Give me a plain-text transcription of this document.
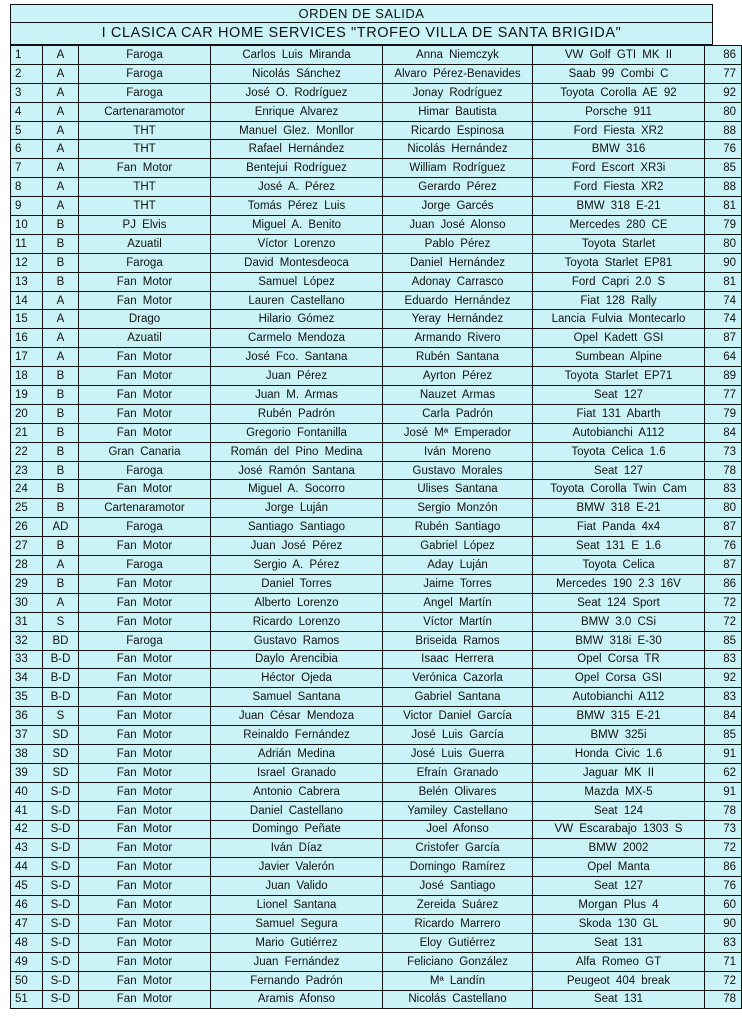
ORDEN DE SALIDA
I CLASICA CAR HOME SERVICES "TROFEO VILLA DE SANTA BRIGIDA"
1	A	Faroga	Carlos Luis Miranda	Anna Niemczyk	VW Golf GTI MK II	86
2	A	Faroga	Nicolás Sánchez	Alvaro Pérez-Benavides	Saab 99 Combi C	77
3	A	Faroga	José O. Rodríguez	Jonay Rodríguez	Toyota Corolla AE 92	92
4	A	Cartenaramotor	Enrique Alvarez	Himar Bautista	Porsche 911	80
5	A	THT	Manuel Glez. Monllor	Ricardo Espinosa	Ford Fiesta XR2	88
6	A	THT	Rafael Hernández	Nicolás Hernández	BMW 316	76
7	A	Fan Motor	Bentejui Rodríguez	William Rodríguez	Ford Escort XR3i	85
8	A	THT	José A. Pérez	Gerardo Pérez	Ford Fiesta XR2	88
9	A	THT	Tomás Pérez Luis	Jorge Garcés	BMW 318 E-21	81
10	B	PJ Elvis	Miguel A. Benito	Juan José Alonso	Mercedes 280 CE	79
11	B	Azuatil	Víctor Lorenzo	Pablo Pérez	Toyota Starlet	80
12	B	Faroga	David Montesdeoca	Daniel Hernández	Toyota Starlet EP81	90
13	B	Fan Motor	Samuel López	Adonay Carrasco	Ford Capri 2.0 S	81
14	A	Fan Motor	Lauren Castellano	Eduardo Hernández	Fiat 128 Rally	74
15	A	Drago	Hilario Gómez	Yeray Hernández	Lancia Fulvia Montecarlo	74
16	A	Azuatil	Carmelo Mendoza	Armando Rivero	Opel Kadett GSI	87
17	A	Fan Motor	José Fco. Santana	Rubén Santana	Sumbean Alpine	64
18	B	Fan Motor	Juan Pérez	Ayrton Pérez	Toyota Starlet EP71	89
19	B	Fan Motor	Juan M. Armas	Nauzet Armas	Seat 127	77
20	B	Fan Motor	Rubén Padrón	Carla Padrón	Fiat 131 Abarth	79
21	B	Fan Motor	Gregorio Fontanilla	José Mª Emperador	Autobianchi A112	84
22	B	Gran Canaria	Román del Pino Medina	Iván Moreno	Toyota Celica 1.6	73
23	B	Faroga	José Ramón Santana	Gustavo Morales	Seat 127	78
24	B	Fan Motor	Miguel A. Socorro	Ulises Santana	Toyota Corolla Twin Cam	83
25	B	Cartenaramotor	Jorge Luján	Sergio Monzón	BMW 318 E-21	80
26	AD	Faroga	Santiago Santiago	Rubén Santiago	Fiat Panda 4x4	87
27	B	Fan Motor	Juan José Pérez	Gabriel López	Seat 131 E 1.6	76
28	A	Faroga	Sergio A. Pérez	Aday Luján	Toyota Celica	87
29	B	Fan Motor	Daniel Torres	Jaime Torres	Mercedes 190 2.3 16V	86
30	A	Fan Motor	Alberto Lorenzo	Angel Martín	Seat 124 Sport	72
31	S	Fan Motor	Ricardo Lorenzo	Víctor Martín	BMW 3.0 CSi	72
32	BD	Faroga	Gustavo Ramos	Briseida Ramos	BMW 318i E-30	85
33	B-D	Fan Motor	Daylo Arencibia	Isaac Herrera	Opel Corsa TR	83
34	B-D	Fan Motor	Héctor Ojeda	Verónica Cazorla	Opel Corsa GSI	92
35	B-D	Fan Motor	Samuel Santana	Gabriel Santana	Autobianchi A112	83
36	S	Fan Motor	Juan César Mendoza	Victor Daniel García	BMW 315 E-21	84
37	SD	Fan Motor	Reinaldo Fernández	José Luis García	BMW 325i	85
38	SD	Fan Motor	Adrián Medina	José Luis Guerra	Honda Civic 1.6	91
39	SD	Fan Motor	Israel Granado	Efraín Granado	Jaguar MK II	62
40	S-D	Fan Motor	Antonio Cabrera	Belén Olivares	Mazda MX-5	91
41	S-D	Fan Motor	Daniel Castellano	Yamiley Castellano	Seat 124	78
42	S-D	Fan Motor	Domingo Peñate	Joel Afonso	VW Escarabajo 1303 S	73
43	S-D	Fan Motor	Iván Díaz	Cristofer García	BMW 2002	72
44	S-D	Fan Motor	Javier Valerón	Domingo Ramírez	Opel Manta	86
45	S-D	Fan Motor	Juan Valido	José Santiago	Seat 127	76
46	S-D	Fan Motor	Lionel Santana	Zereida Suárez	Morgan Plus 4	60
47	S-D	Fan Motor	Samuel Segura	Ricardo Marrero	Skoda 130 GL	90
48	S-D	Fan Motor	Mario Gutiérrez	Eloy Gutiérrez	Seat 131	83
49	S-D	Fan Motor	Juan Fernández	Feliciano González	Alfa Romeo GT	71
50	S-D	Fan Motor	Fernando Padrón	Mª Landín	Peugeot 404 break	72
51	S-D	Fan Motor	Aramis Afonso	Nicolás Castellano	Seat 131	78
